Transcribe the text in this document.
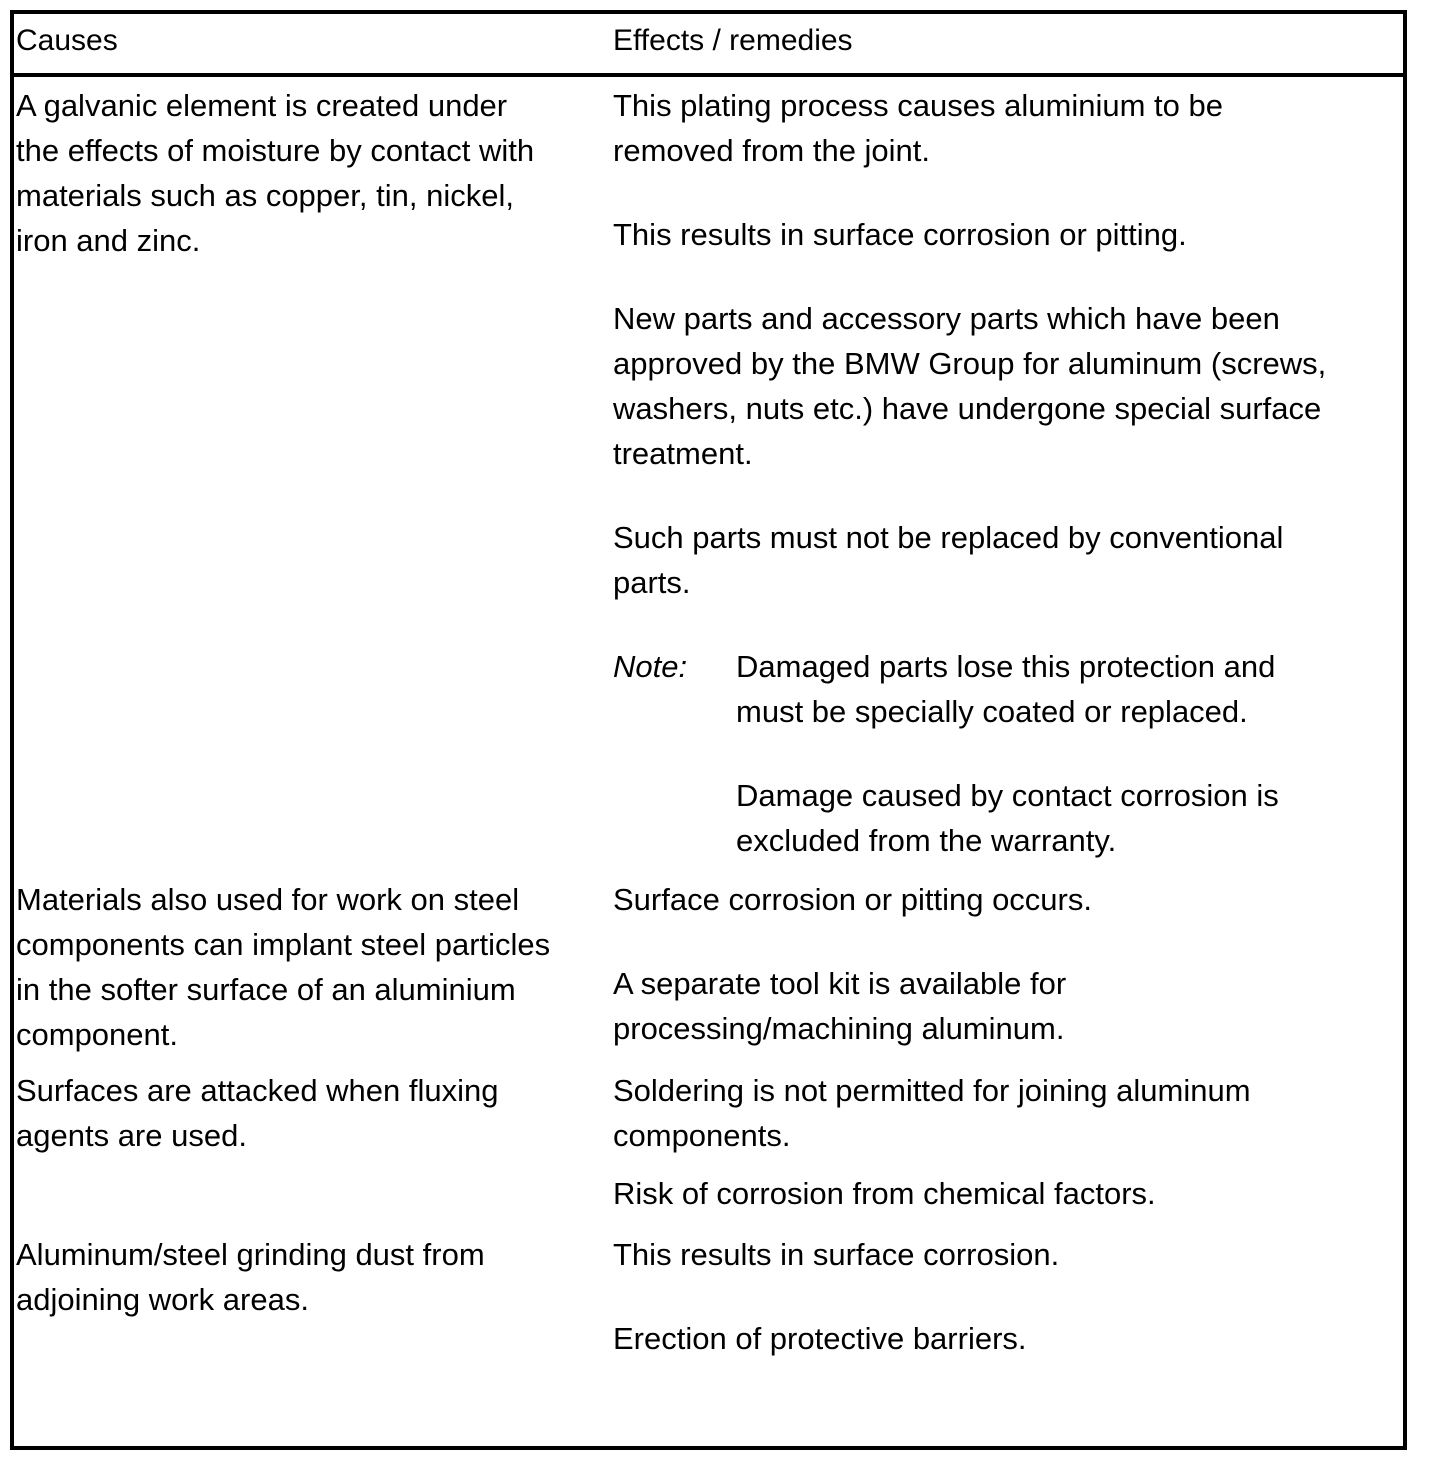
Causes	Effects / remedies
A galvanic element is created under
the effects of moisture by contact with
materials such as copper, tin, nickel,
iron and zinc.
This plating process causes aluminium to be
removed from the joint.
This results in surface corrosion or pitting.
New parts and accessory parts which have been
approved by the BMW Group for aluminum (screws,
washers, nuts etc.) have undergone special surface
treatment.
Such parts must not be replaced by conventional
parts.
Note: Damaged parts lose this protection and
must be specially coated or replaced.
Damage caused by contact corrosion is
excluded from the warranty.
Materials also used for work on steel
components can implant steel particles
in the softer surface of an aluminium
component.
Surface corrosion or pitting occurs.
A separate tool kit is available for
processing/machining aluminum.
Surfaces are attacked when fluxing
agents are used.
Soldering is not permitted for joining aluminum
components.
Risk of corrosion from chemical factors.
Aluminum/steel grinding dust from
adjoining work areas.
This results in surface corrosion.
Erection of protective barriers.
